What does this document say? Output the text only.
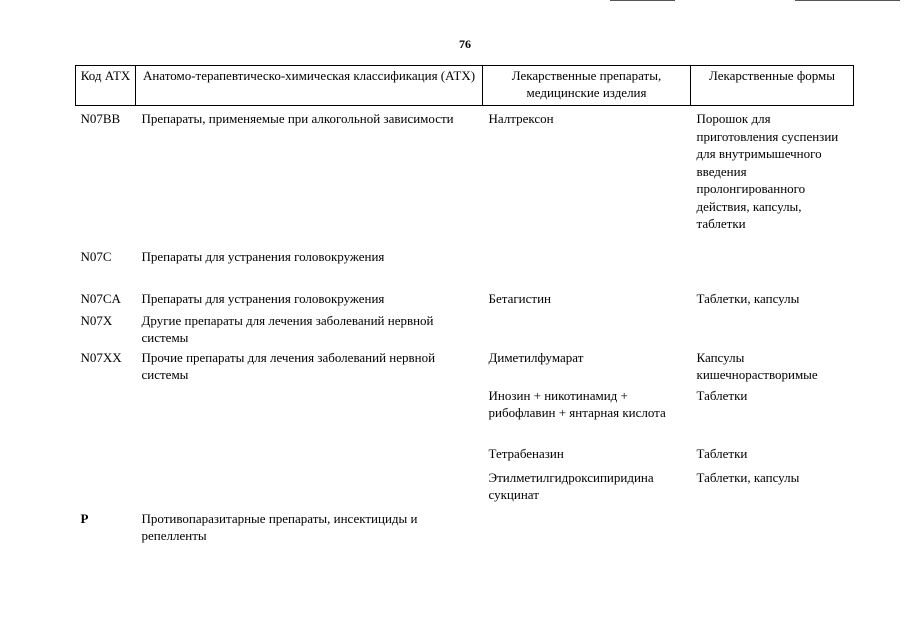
76
Код АТХ	Анатомо-терапевтическо-химическая классификация (АТХ)	Лекарственные препараты, медицинские изделия	Лекарственные формы
N07BB	Препараты, применяемые при алкогольной зависимости	Налтрексон	Порошок для приготовления суспензии для внутримышечного введения пролонгированного действия, капсулы, таблетки
N07C	Препараты для устранения головокружения		
N07CA	Препараты для устранения головокружения	Бетагистин	Таблетки, капсулы
N07X	Другие препараты для лечения заболеваний нервной системы		
N07XX	Прочие препараты для лечения заболеваний нервной системы	Диметилфумарат	Капсулы кишечнорастворимые
		Инозин + никотинамид + рибофлавин + янтарная кислота	Таблетки
		Тетрабеназин	Таблетки
		Этилметилгидроксипиридина сукцинат	Таблетки, капсулы
P	Противопаразитарные препараты, инсектициды и репелленты		
